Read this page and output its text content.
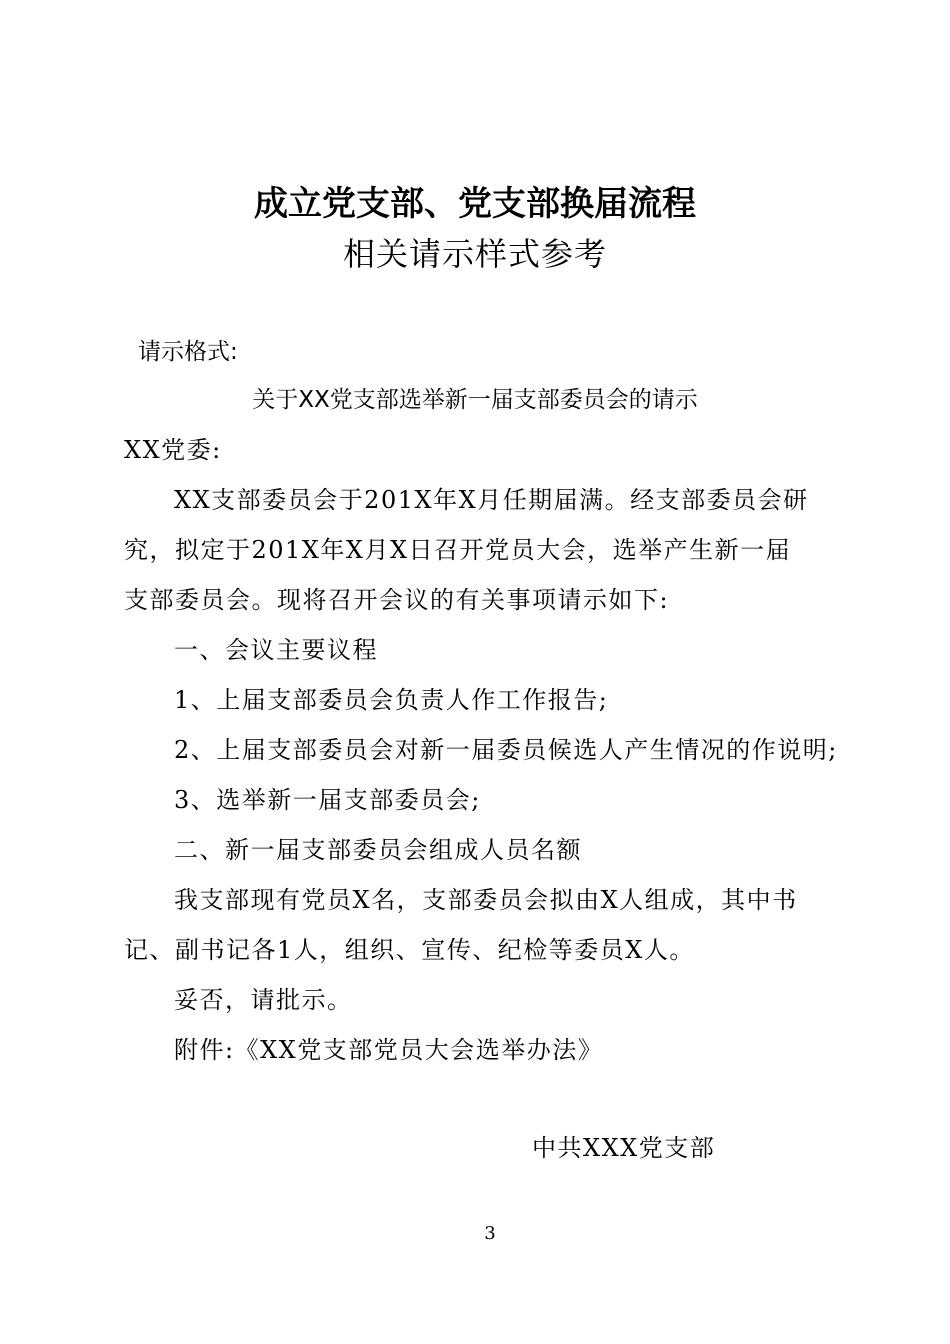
成立党支部、党支部换届流程
相关请示样式参考
请示格式:
关于XX党支部选举新一届支部委员会的请示
XX党委:
XX支部委员会于201X年X月任期届满。经支部委员会研
究，拟定于201X年X月X日召开党员大会，选举产生新一届
支部委员会。现将召开会议的有关事项请示如下:
一、会议主要议程
1、上届支部委员会负责人作工作报告;
2、上届支部委员会对新一届委员候选人产生情况的作说明;
3、选举新一届支部委员会;
二、新一届支部委员会组成人员名额
我支部现有党员X名，支部委员会拟由X人组成，其中书
记、副书记各1人，组织、宣传、纪检等委员X人。
妥否，请批示。
附件:《XX党支部党员大会选举办法》
中共XXX党支部
3
